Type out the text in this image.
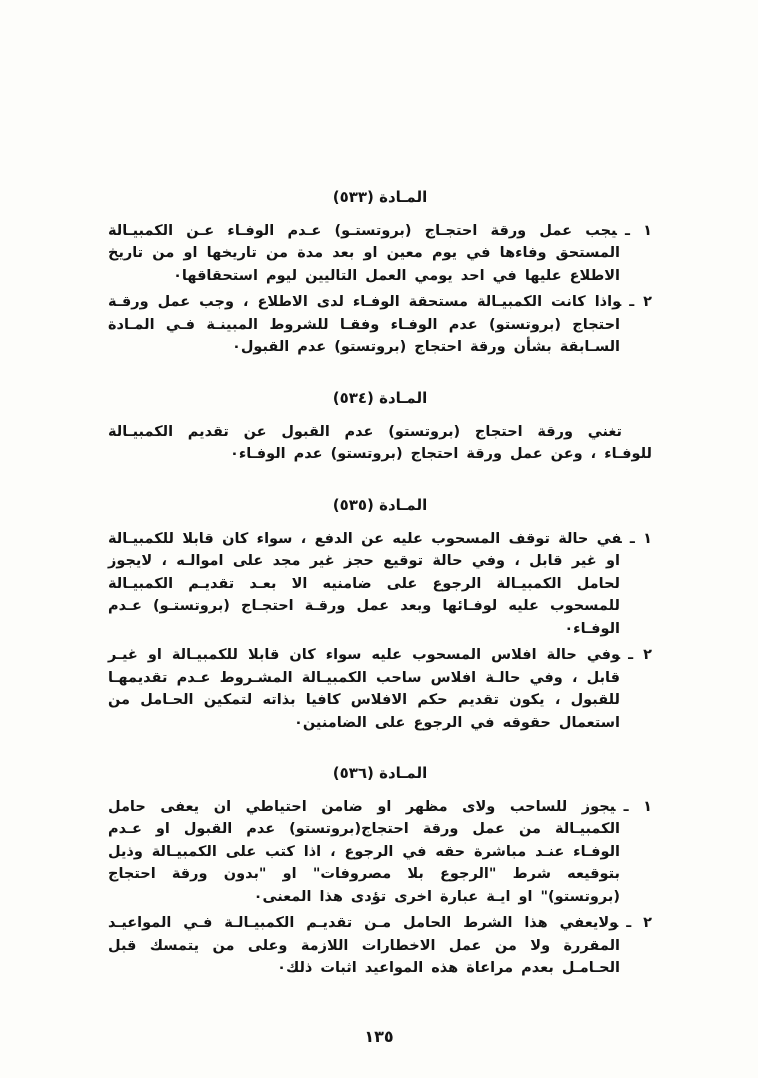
المـادة (٥٣٣)

١ ـيجب عمل ورقة احتجـاج (بروتستـو) عـدم الوفـاء عـن الكمبيـالة المستحق وفاءها في يوم معين او بعد مدة من تاريخها او من تاريخ الاطلاع عليها في احد يومي العمل التاليين ليوم استحقاقها٠

٢ ـواذا كانت الكمبيـالة مستحقة الوفـاء لدى الاطلاع ، وجب عمل ورقـة احتجاج (بروتستو) عدم الوفـاء وفقـا للشروط المبينـة فـي المـادة السـابقة بشأن ورقة احتجاج (بروتستو) عدم القبول٠

المـادة (٥٣٤)

تغني ورقة احتجاج (بروتستو) عدم القبول عن تقديم الكمبيـالة للوفـاء ، وعن عمل ورقة احتجاج (بروتستو) عدم الوفـاء٠

المـادة (٥٣٥)

١ ـفي حالة توقف المسحوب عليه عن الدفع ، سواء كان قابلا للكمبيـالة او غير قابل ، وفي حالة توقيع حجز غير مجد على اموالـه ، لايجوز لحامل الكمبيـالة الرجوع على ضامنيه الا بعـد تقديـم الكمبيـالة للمسحوب عليه لوفـائها وبعد عمل ورقـة احتجـاج (بروتستـو) عـدم الوفـاء٠

٢ ـوفي حالة افلاس المسحوب عليه سواء كان قابلا للكمبيـالة او غيـر قابل ، وفي حالـة افلاس ساحب الكمبيـالة المشـروط عـدم تقديمهـا للقبول ، يكون تقديم حكم الافلاس كافيا بذاته لتمكين الحـامل من استعمال حقوقه في الرجوع على الضامنين٠

المـادة (٥٣٦)

١ ـيجوز للساحب ولاى مظهر او ضامن احتياطي ان يعفى حامل الكمبيـالة من عمل ورقة احتجاج(بروتستو) عدم القبول او عـدم الوفـاء عنـد مباشرة حقه في الرجوع ، اذا كتب على الكمبيـالة وذيل بتوقيعه شرط "الرجوع بلا مصروفات" او "بدون ورقة احتجاج (بروتستو)" او ايـة عبارة اخرى تؤدى هذا المعنى٠

٢ ـولايعفي هذا الشرط الحامل مـن تقديـم الكمبيـالـة فـي المواعيـد المقررة ولا من عمل الاخطارات اللازمة وعلى من يتمسك قبل الحـامـل بعدم مراعاة هذه المواعيد اثبات ذلك٠

١٣٥
